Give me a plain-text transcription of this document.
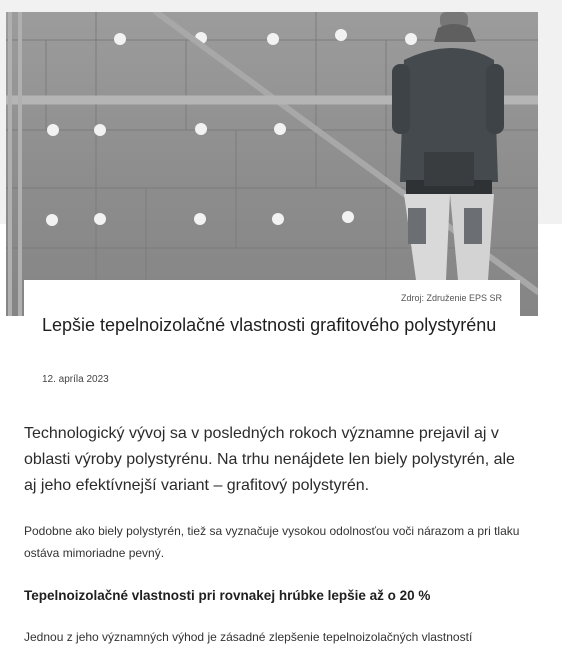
Zdroj: Združenie EPS SR
Lepšie tepelnoizolačné vlastnosti grafitového polystyrénu
12. apríla 2023

Technologický vývoj sa v posledných rokoch významne prejavil aj v oblasti výroby polystyrénu. Na trhu nenájdete len biely polystyrén, ale aj jeho efektívnejší variant – grafitový polystyrén.

Podobne ako biely polystyrén, tiež sa vyznačuje vysokou odolnosťou voči nárazom a pri tlaku ostáva mimoriadne pevný.

Tepelnoizolačné vlastnosti pri rovnakej hrúbke lepšie až o 20 %

Jednou z jeho významných výhod je zásadné zlepšenie tepelnoizolačných vlastností
